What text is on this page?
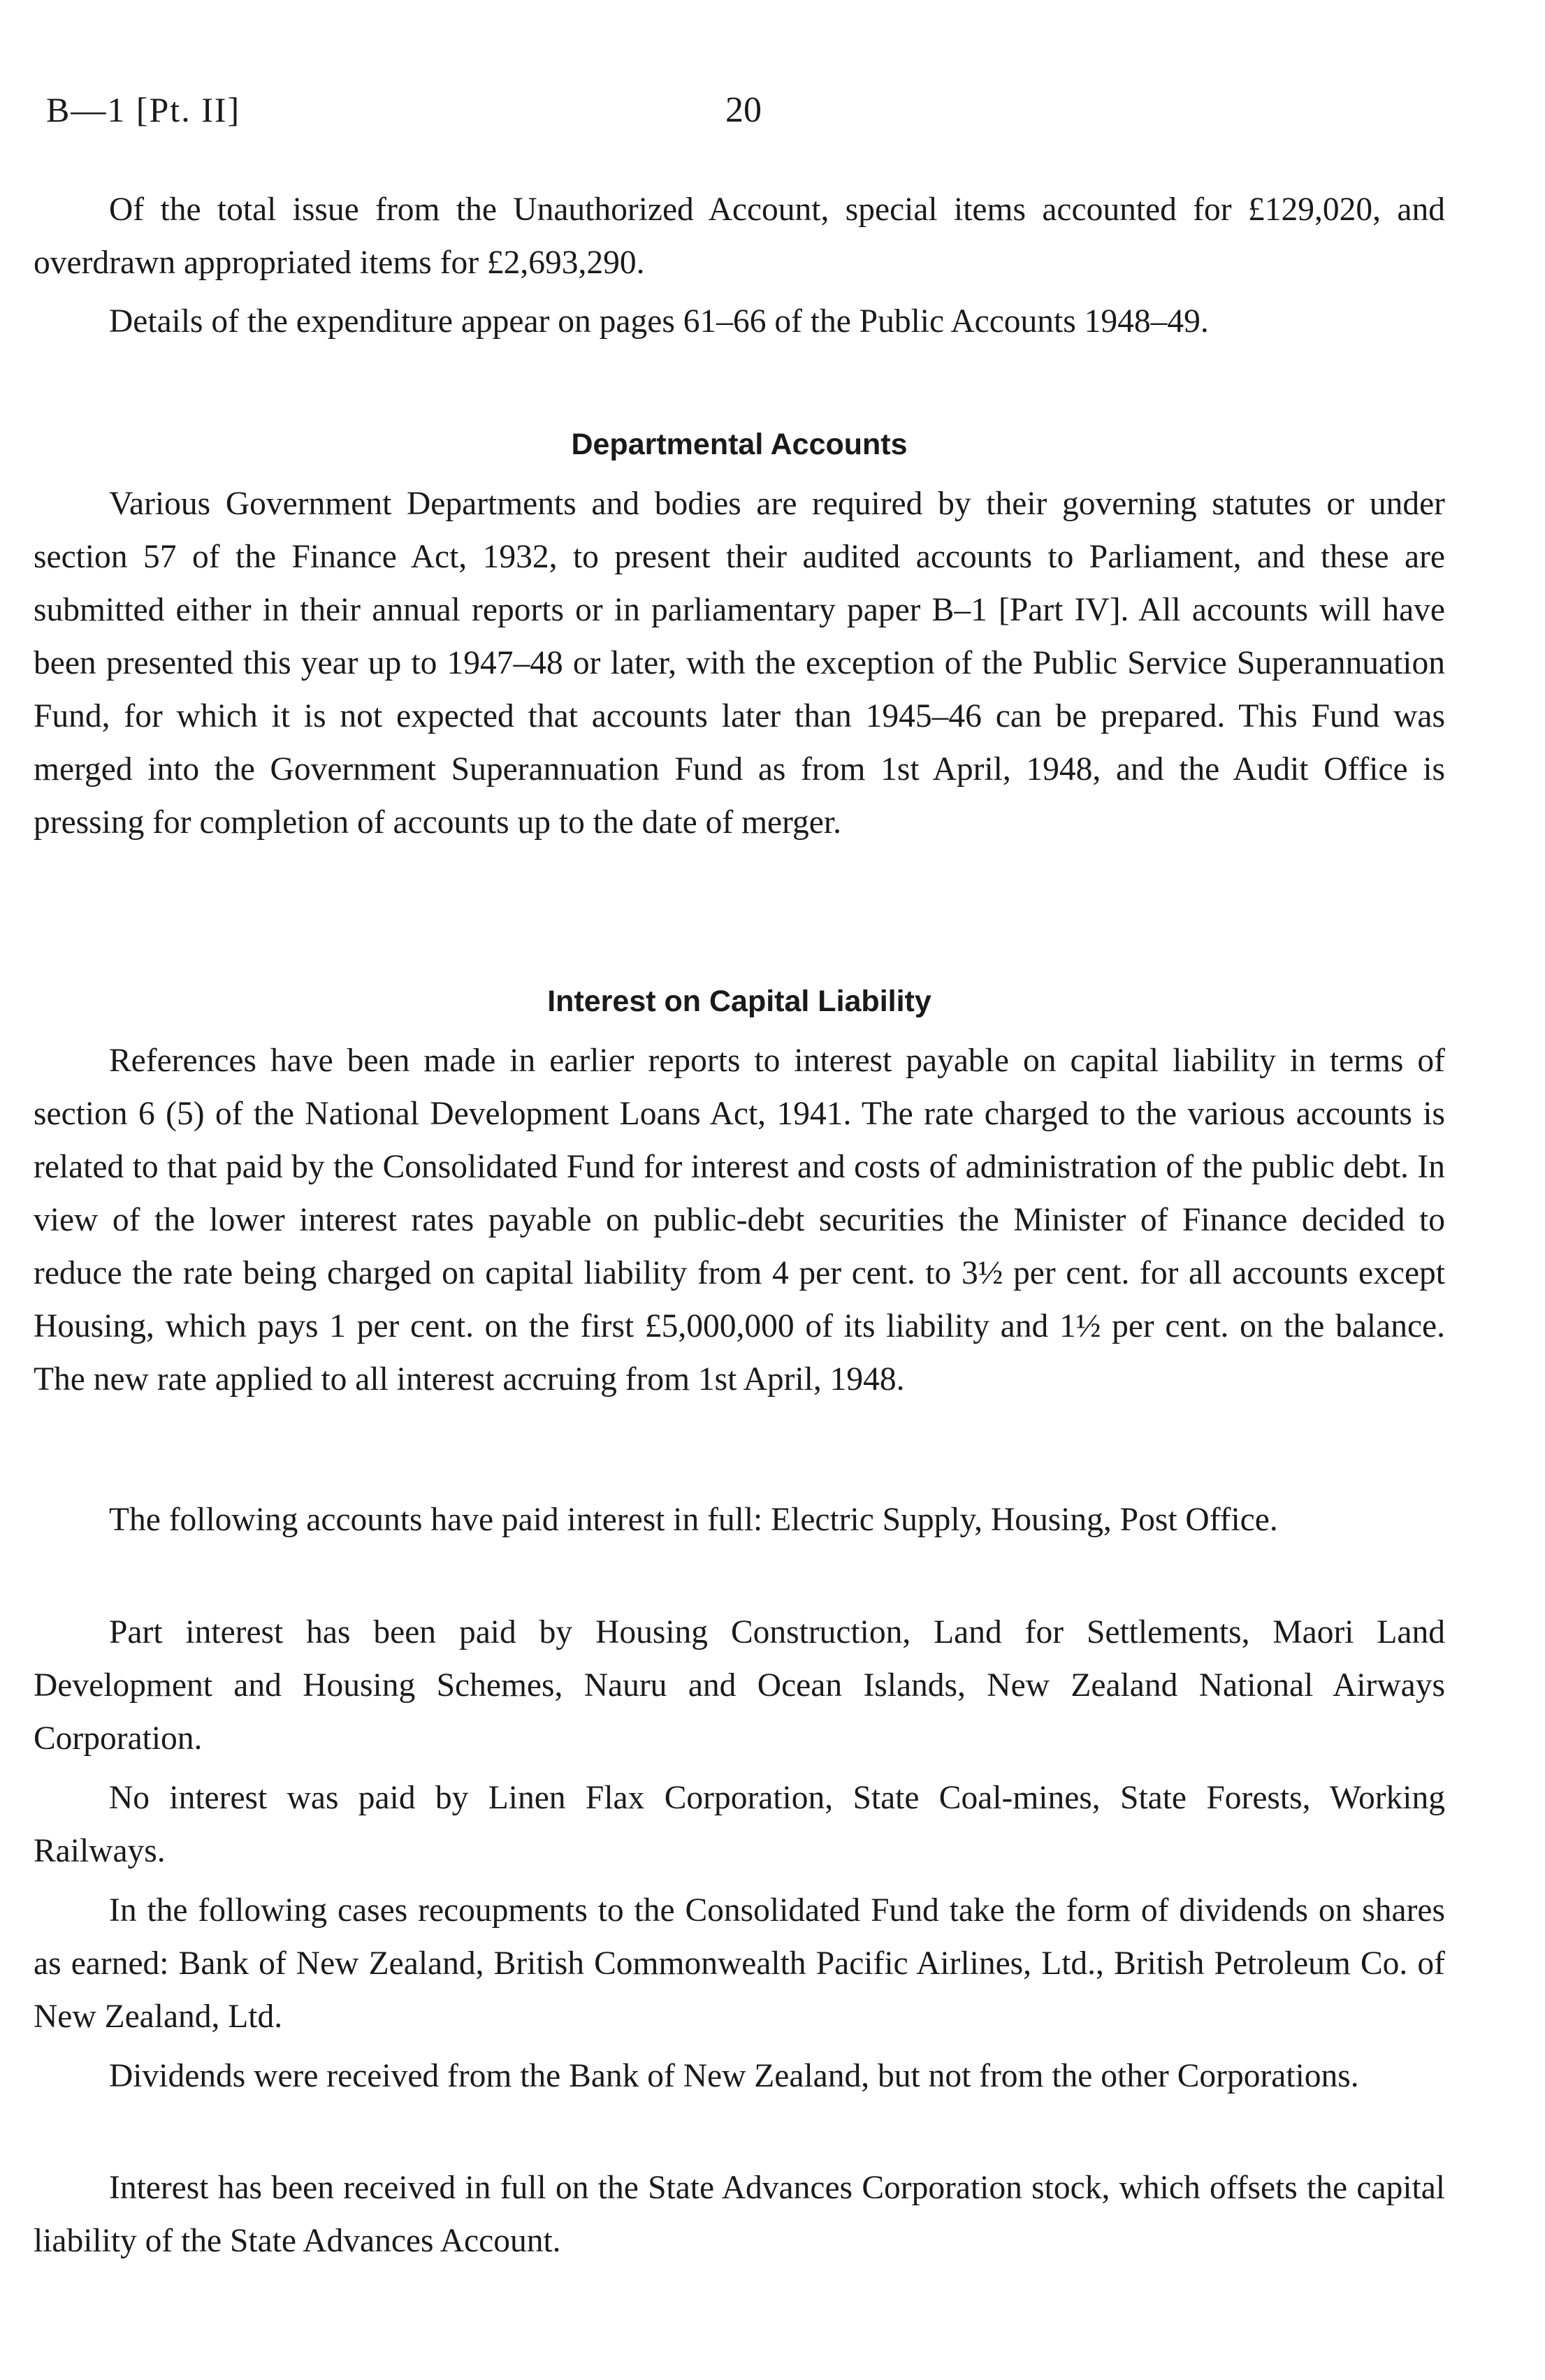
B—1 [Pt. II]	20

Of the total issue from the Unauthorized Account, special items accounted for £129,020, and overdrawn appropriated items for £2,693,290.

Details of the expenditure appear on pages 61–66 of the Public Accounts 1948–49.

Departmental Accounts

Various Government Departments and bodies are required by their governing statutes or under section 57 of the Finance Act, 1932, to present their audited accounts to Parliament, and these are submitted either in their annual reports or in parliamentary paper B–1 [Part IV]. All accounts will have been presented this year up to 1947–48 or later, with the exception of the Public Service Superannuation Fund, for which it is not expected that accounts later than 1945–46 can be prepared. This Fund was merged into the Government Superannuation Fund as from 1st April, 1948, and the Audit Office is pressing for completion of accounts up to the date of merger.

Interest on Capital Liability

References have been made in earlier reports to interest payable on capital liability in terms of section 6 (5) of the National Development Loans Act, 1941. The rate charged to the various accounts is related to that paid by the Consolidated Fund for interest and costs of administration of the public debt. In view of the lower interest rates payable on public-debt securities the Minister of Finance decided to reduce the rate being charged on capital liability from 4 per cent. to 3½ per cent. for all accounts except Housing, which pays 1 per cent. on the first £5,000,000 of its liability and 1½ per cent. on the balance. The new rate applied to all interest accruing from 1st April, 1948.

The following accounts have paid interest in full: Electric Supply, Housing, Post Office.

Part interest has been paid by Housing Construction, Land for Settlements, Maori Land Development and Housing Schemes, Nauru and Ocean Islands, New Zealand National Airways Corporation.

No interest was paid by Linen Flax Corporation, State Coal-mines, State Forests, Working Railways.

In the following cases recoupments to the Consolidated Fund take the form of dividends on shares as earned: Bank of New Zealand, British Commonwealth Pacific Airlines, Ltd., British Petroleum Co. of New Zealand, Ltd.

Dividends were received from the Bank of New Zealand, but not from the other Corporations.

Interest has been received in full on the State Advances Corporation stock, which offsets the capital liability of the State Advances Account.
